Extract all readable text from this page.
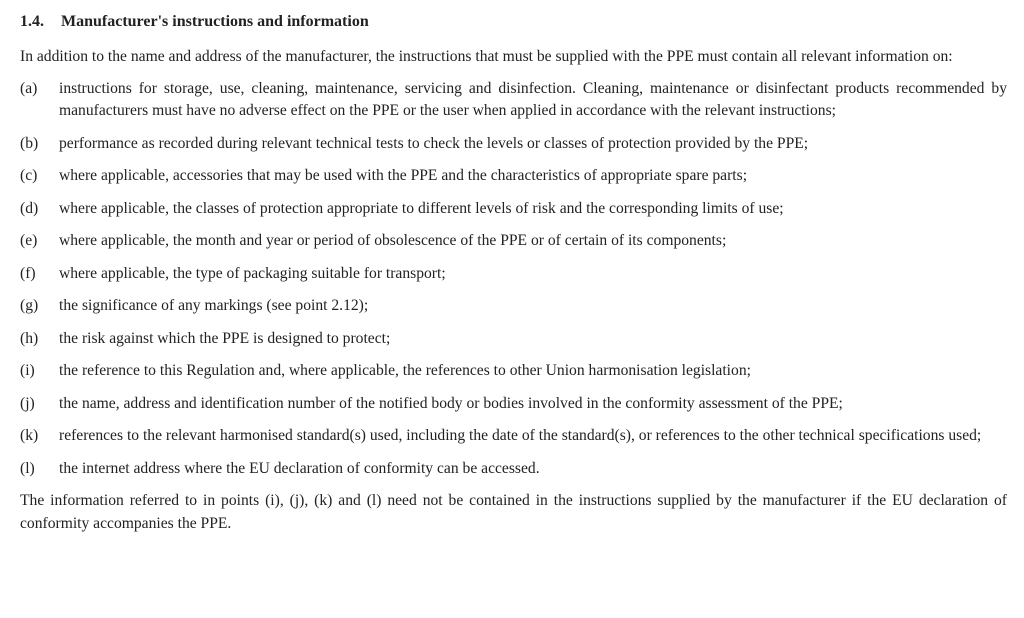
1.4. Manufacturer's instructions and information

In addition to the name and address of the manufacturer, the instructions that must be supplied with the PPE must contain all relevant information on:

(a)	instructions for storage, use, cleaning, maintenance, servicing and disinfection. Cleaning, maintenance or disinfectant products recommended by manufacturers must have no adverse effect on the PPE or the user when applied in accordance with the relevant instructions;
(b)	performance as recorded during relevant technical tests to check the levels or classes of protection provided by the PPE;
(c)	where applicable, accessories that may be used with the PPE and the characteristics of appropriate spare parts;
(d)	where applicable, the classes of protection appropriate to different levels of risk and the corresponding limits of use;
(e)	where applicable, the month and year or period of obsolescence of the PPE or of certain of its components;
(f)	where applicable, the type of packaging suitable for transport;
(g)	the significance of any markings (see point 2.12);
(h)	the risk against which the PPE is designed to protect;
(i)	the reference to this Regulation and, where applicable, the references to other Union harmonisation legislation;
(j)	the name, address and identification number of the notified body or bodies involved in the conformity assessment of the PPE;
(k)	references to the relevant harmonised standard(s) used, including the date of the standard(s), or references to the other technical specifications used;
(l)	the internet address where the EU declaration of conformity can be accessed.

The information referred to in points (i), (j), (k) and (l) need not be contained in the instructions supplied by the manufacturer if the EU declaration of conformity accompanies the PPE.
